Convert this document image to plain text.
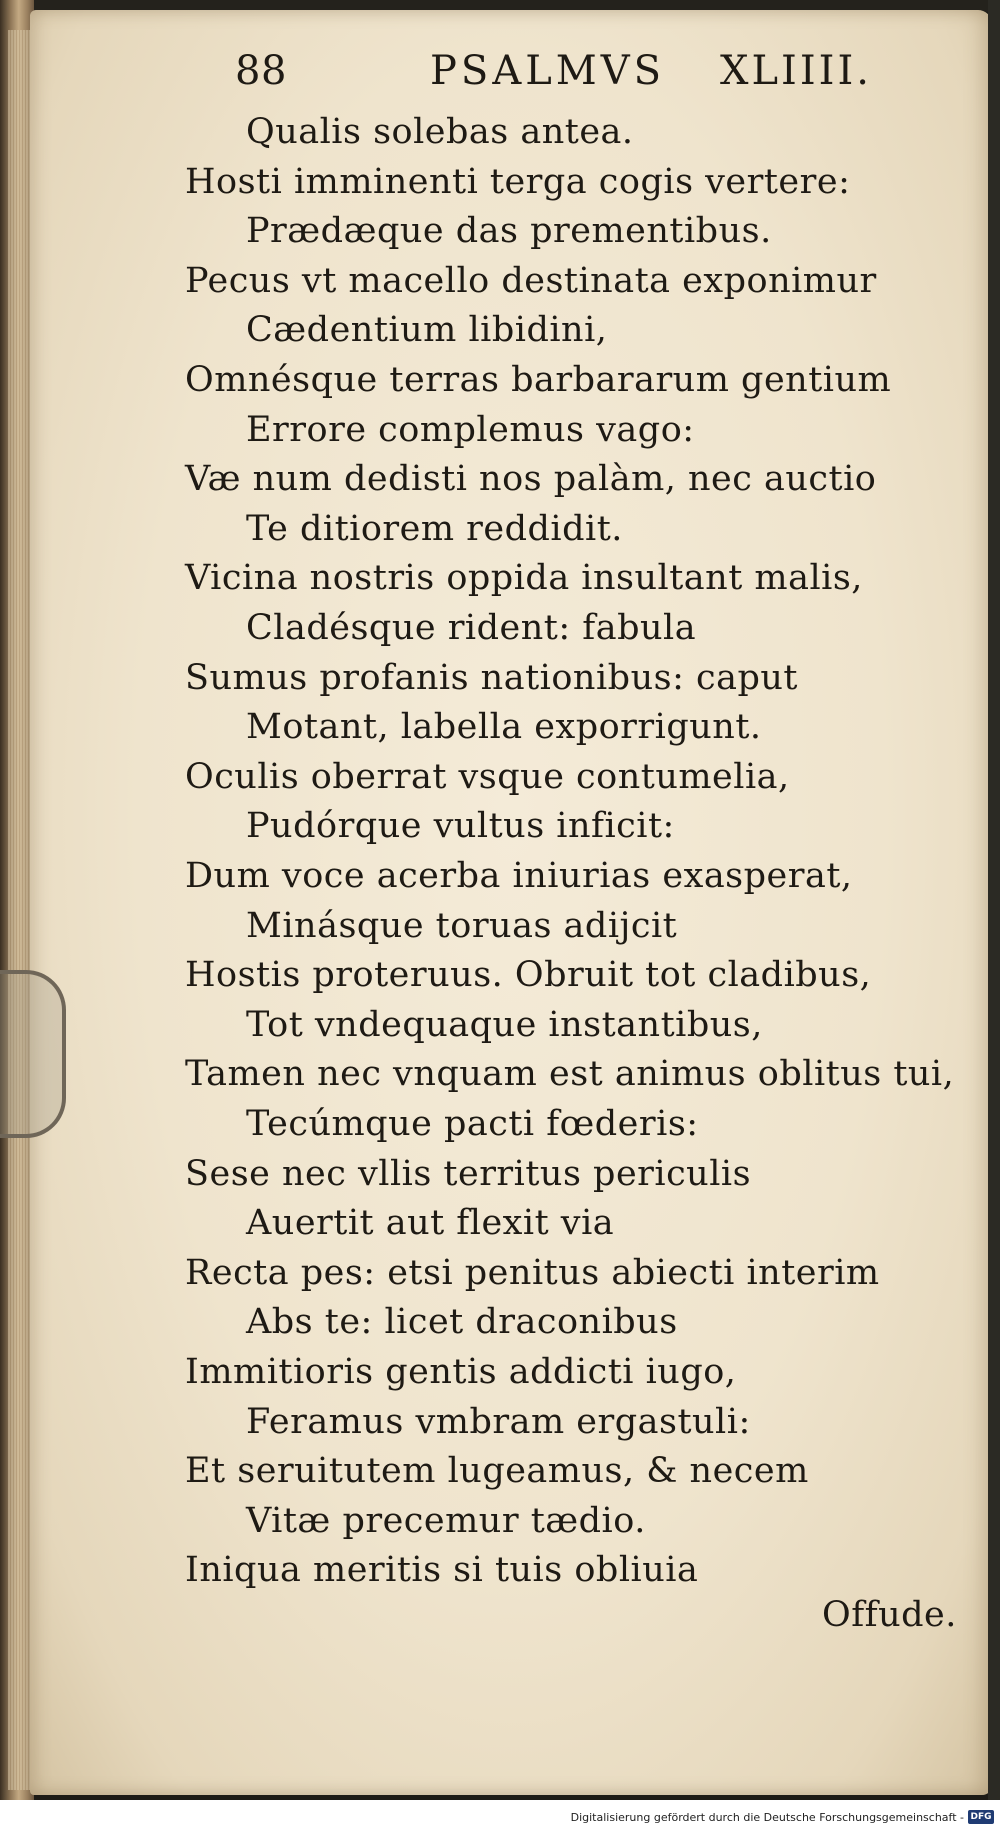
88	PSALMVS XLIIII.
Qualis solebas antea.
Hosti imminenti terga cogis vertere:
Prædæque das prementibus.
Pecus vt macello destinata exponimur
Cædentium libidini,
Omnésque terras barbararum gentium
Errore complemus vago:
Væ num dedisti nos palàm, nec auctio
Te ditiorem reddidit.
Vicina nostris oppida insultant malis,
Cladésque rident: fabula
Sumus profanis nationibus: caput
Motant, labella exporrigunt.
Oculis oberrat vsque contumelia,
Pudórque vultus inficit:
Dum voce acerba iniurias exasperat,
Minásque toruas adijcit
Hostis proteruus. Obruit tot cladibus,
Tot vndequaque instantibus,
Tamen nec vnquam est animus oblitus tui,
Tecúmque pacti fœderis:
Sese nec vllis territus periculis
Auertit aut flexit via
Recta pes: etsi penitus abiecti interim
Abs te: licet draconibus
Immitioris gentis addicti iugo,
Feramus vmbram ergastuli:
Et seruitutem lugeamus, & necem
Vitæ precemur tædio.
Iniqua meritis si tuis obliuia
Offude.
Digitalisierung gefördert durch die Deutsche Forschungsgemeinschaft - DFG
